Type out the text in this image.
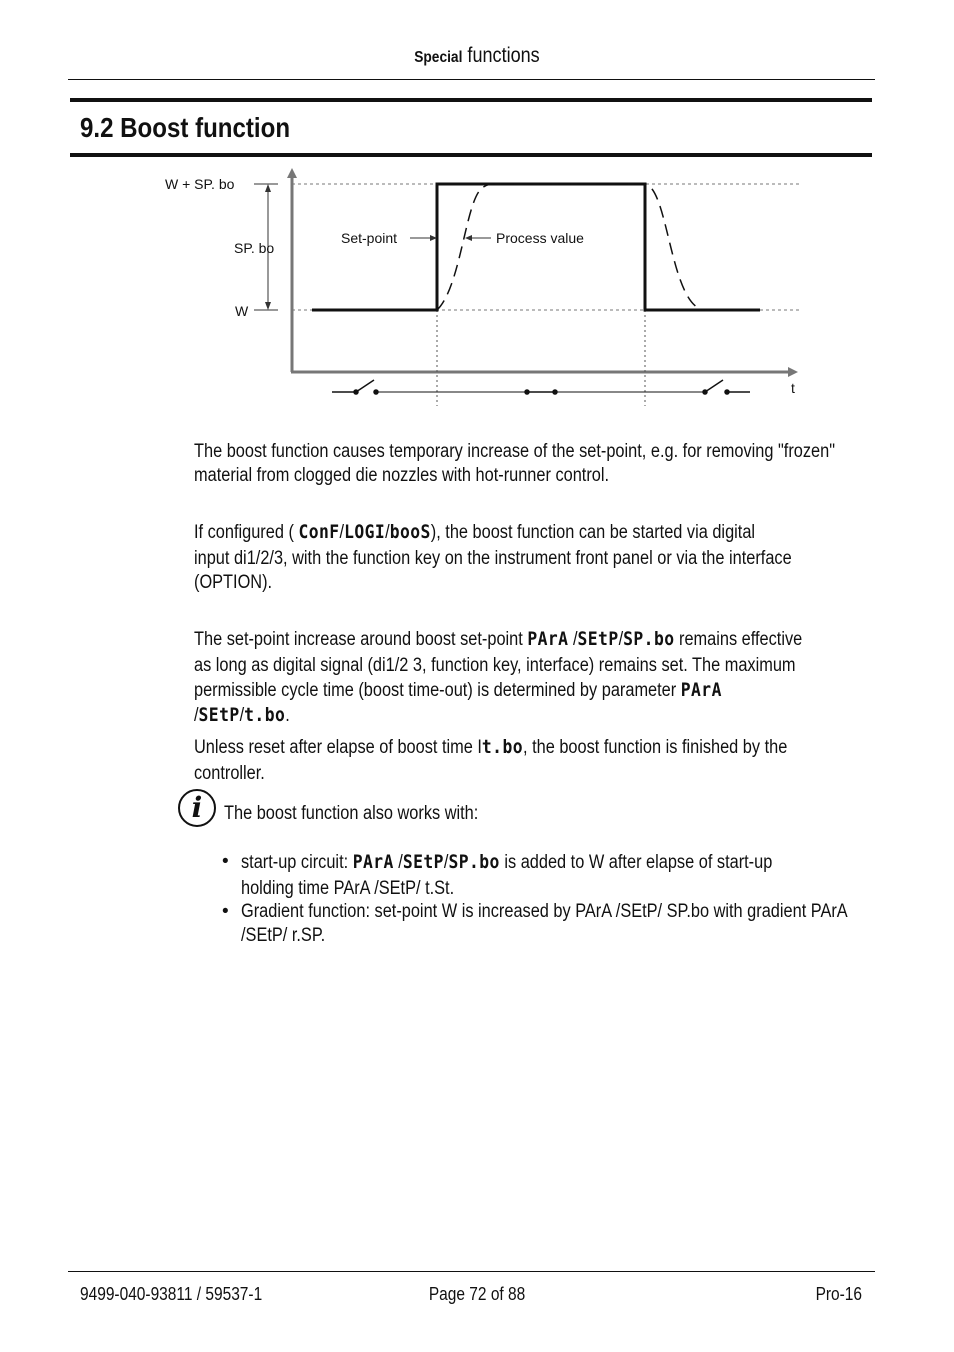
Special functions
9.2 Boost function
W + SP. bo
SP. bo
W
Set-point	Process value
t
The boost function causes temporary increase of the set-point, e.g. for removing "frozen" material from clogged die nozzles with hot-runner control.
If configured ( ConF/LOGI/booS), the boost function can be started via digital
input di1/2/3, with the function key on the instrument front panel or via the interface
(OPTION).
The set-point increase around boost set-point PArA /SEtP/SP.bo remains effective
as long as digital signal (di1/2 3, function key, interface) remains set. The maximum
permissible cycle time (boost time-out) is determined by parameter PArA
/SEtP/t.bo.
Unless reset after elapse of boost time It.bo, the boost function is finished by the
controller.
i	The boost function also works with:
• start-up circuit: PArA /SEtP/SP.bo is added to W after elapse of start-up
holding time PArA /SEtP/ t.St.
• Gradient function: set-point W is increased by PArA /SEtP/ SP.bo with gradient PArA
/SEtP/ r.SP.
9499-040-93811 / 59537-1	Page 72 of 88	Pro-16
